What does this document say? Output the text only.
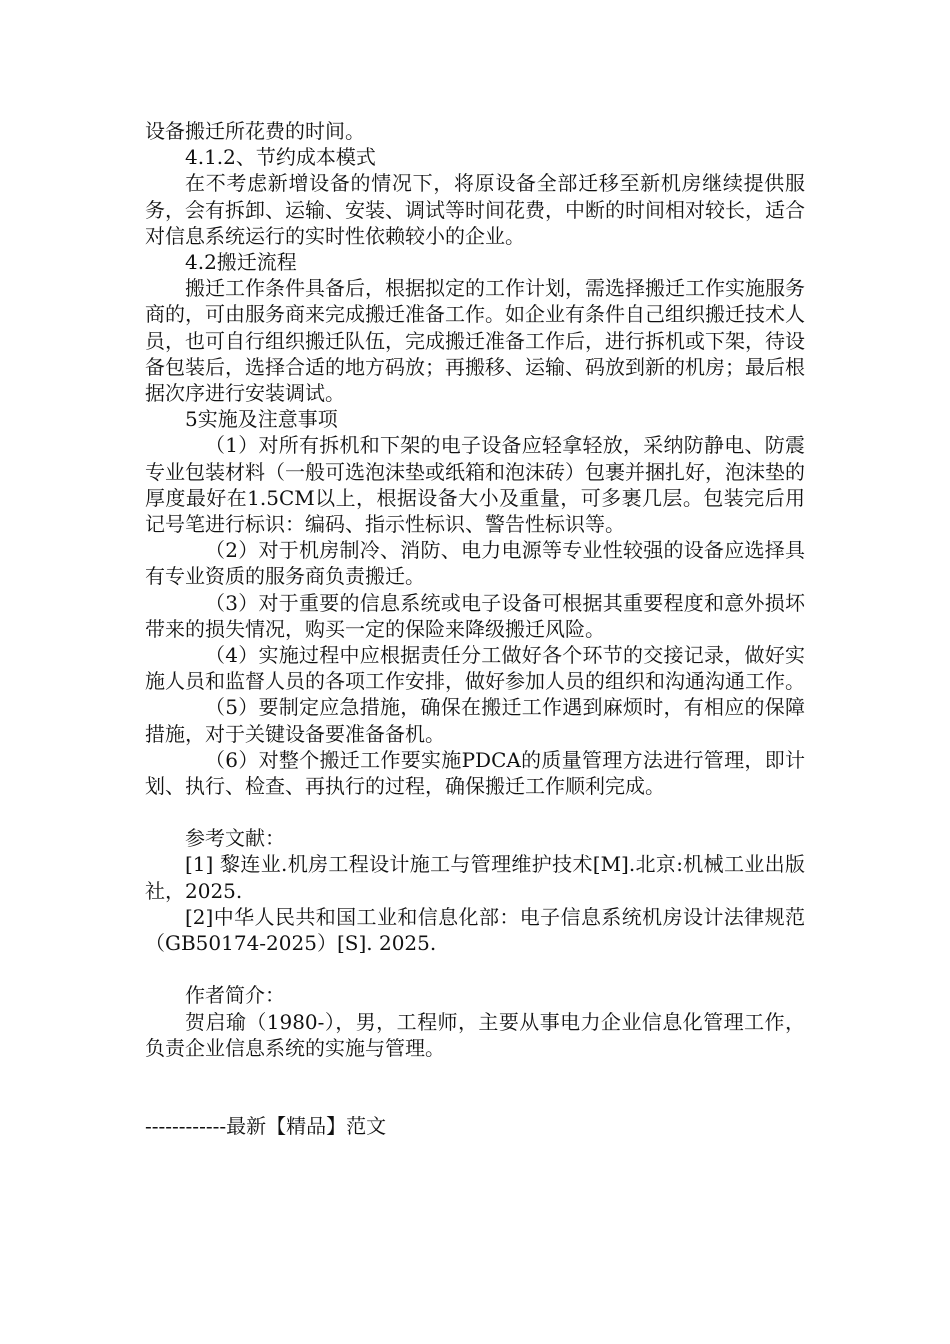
设备搬迁所花费的时间。

4.1.2、节约成本模式

在不考虑新增设备的情况下，将原设备全部迁移至新机房继续提供服务，会有拆卸、运输、安装、调试等时间花费，中断的时间相对较长，适合对信息系统运行的实时性依赖较小的企业。

4.2搬迁流程

搬迁工作条件具备后，根据拟定的工作计划，需选择搬迁工作实施服务商的，可由服务商来完成搬迁准备工作。如企业有条件自己组织搬迁技术人员，也可自行组织搬迁队伍，完成搬迁准备工作后，进行拆机或下架，待设备包装后，选择合适的地方码放；再搬移、运输、码放到新的机房；最后根据次序进行安装调试。

5实施及注意事项

（1）对所有拆机和下架的电子设备应轻拿轻放，采纳防静电、防震专业包装材料（一般可选泡沫垫或纸箱和泡沫砖）包裹并捆扎好，泡沫垫的厚度最好在1.5CM以上，根据设备大小及重量，可多裹几层。包装完后用记号笔进行标识：编码、指示性标识、警告性标识等。

（2）对于机房制冷、消防、电力电源等专业性较强的设备应选择具有专业资质的服务商负责搬迁。

（3）对于重要的信息系统或电子设备可根据其重要程度和意外损坏带来的损失情况，购买一定的保险来降级搬迁风险。

（4）实施过程中应根据责任分工做好各个环节的交接记录，做好实施人员和监督人员的各项工作安排，做好参加人员的组织和沟通沟通工作。

（5）要制定应急措施，确保在搬迁工作遇到麻烦时，有相应的保障措施，对于关键设备要准备备机。

（6）对整个搬迁工作要实施PDCA的质量管理方法进行管理，即计划、执行、检查、再执行的过程，确保搬迁工作顺利完成。

参考文献：

[1] 黎连业.机房工程设计施工与管理维护技术[M].北京:机械工业出版社，2025.

[2]中华人民共和国工业和信息化部：电子信息系统机房设计法律规范（GB50174-2025）[S]. 2025.

作者简介：

贺启瑜（1980-），男，工程师，主要从事电力企业信息化管理工作，负责企业信息系统的实施与管理。

------------最新【精品】范文
